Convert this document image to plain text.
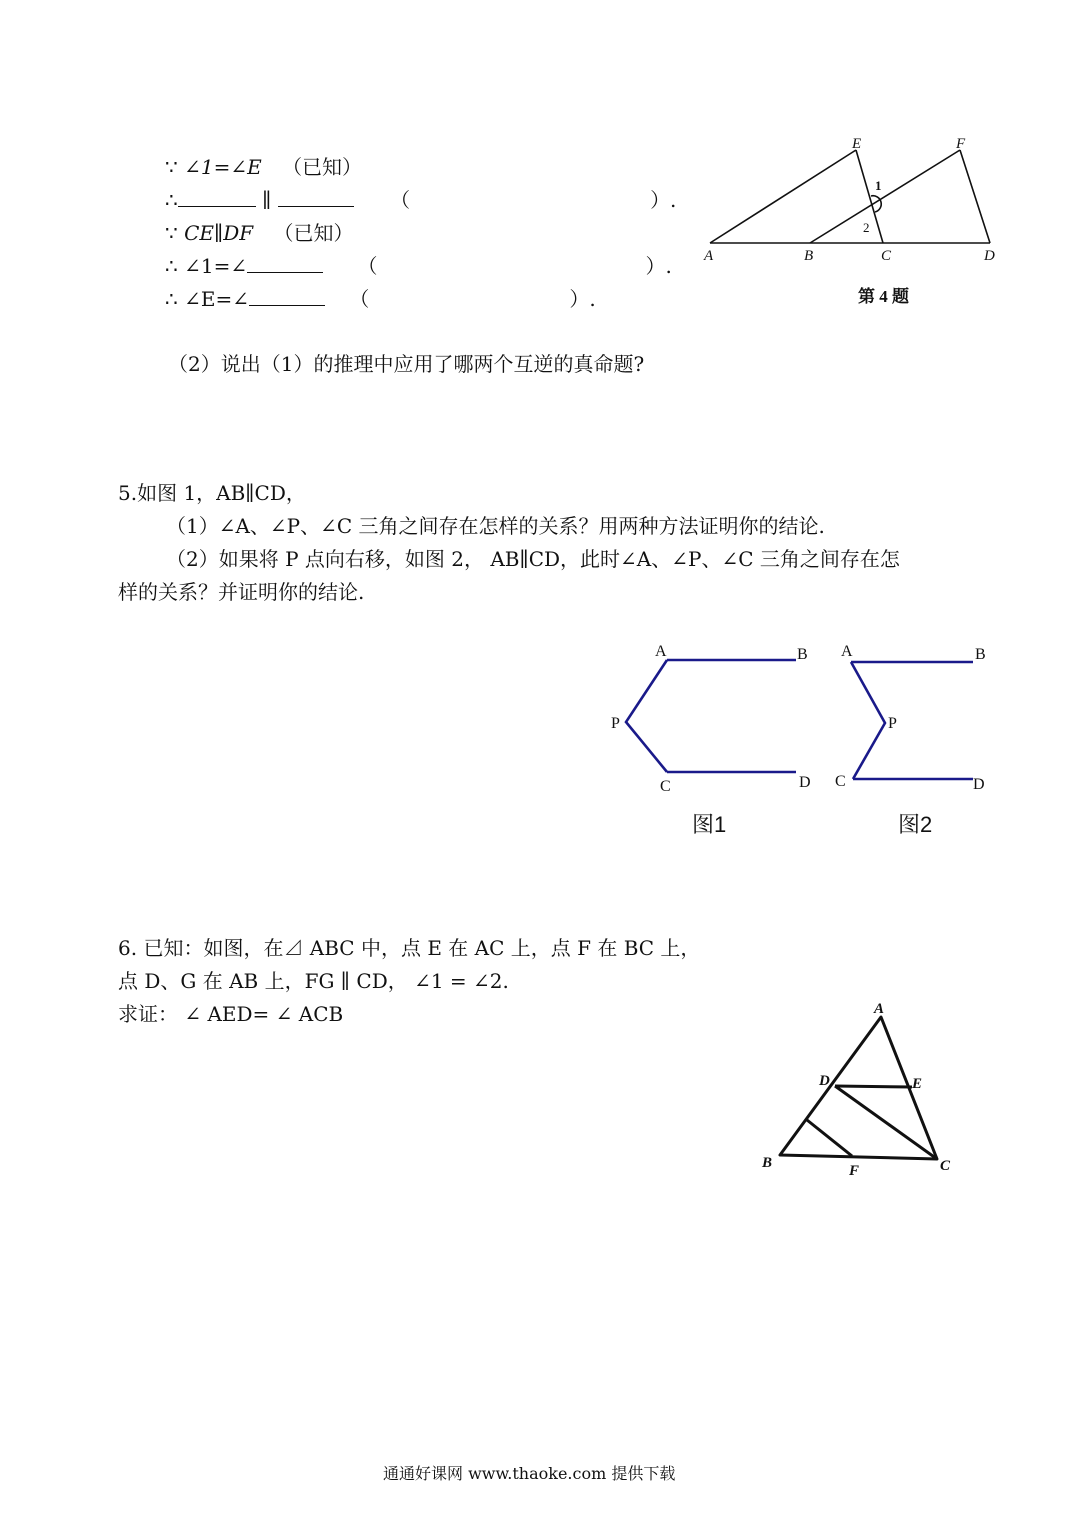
∵ ∠1=∠E （已知）
∴	∥	（	）.
∵ CE∥DF （已知）
∴ ∠1=∠	（	）.
∴ ∠E=∠	（	）.
（2）说出（1）的推理中应用了哪两个互逆的真命题?
E	F
A	B	C	D
1
2
第 4 题
5.如图 1，AB∥CD，
（1）∠A、∠P、∠C 三角之间存在怎样的关系？用两种方法证明你的结论.
（2）如果将 P 点向右移，如图 2， AB∥CD，此时∠A、∠P、∠C 三角之间存在怎
样的关系？并证明你的结论.
A	B
P
C	D
图1
A	B
P
C	D
图2
6. 已知：如图，在⊿ ABC 中，点 E 在 AC 上，点 F 在 BC 上，
点 D、G 在 AB 上，FG ∥ CD， ∠1 = ∠2.
求证： ∠ AED= ∠ ACB	A
D	E
B	F	C
通通好课网 www.thaoke.com 提供下载
